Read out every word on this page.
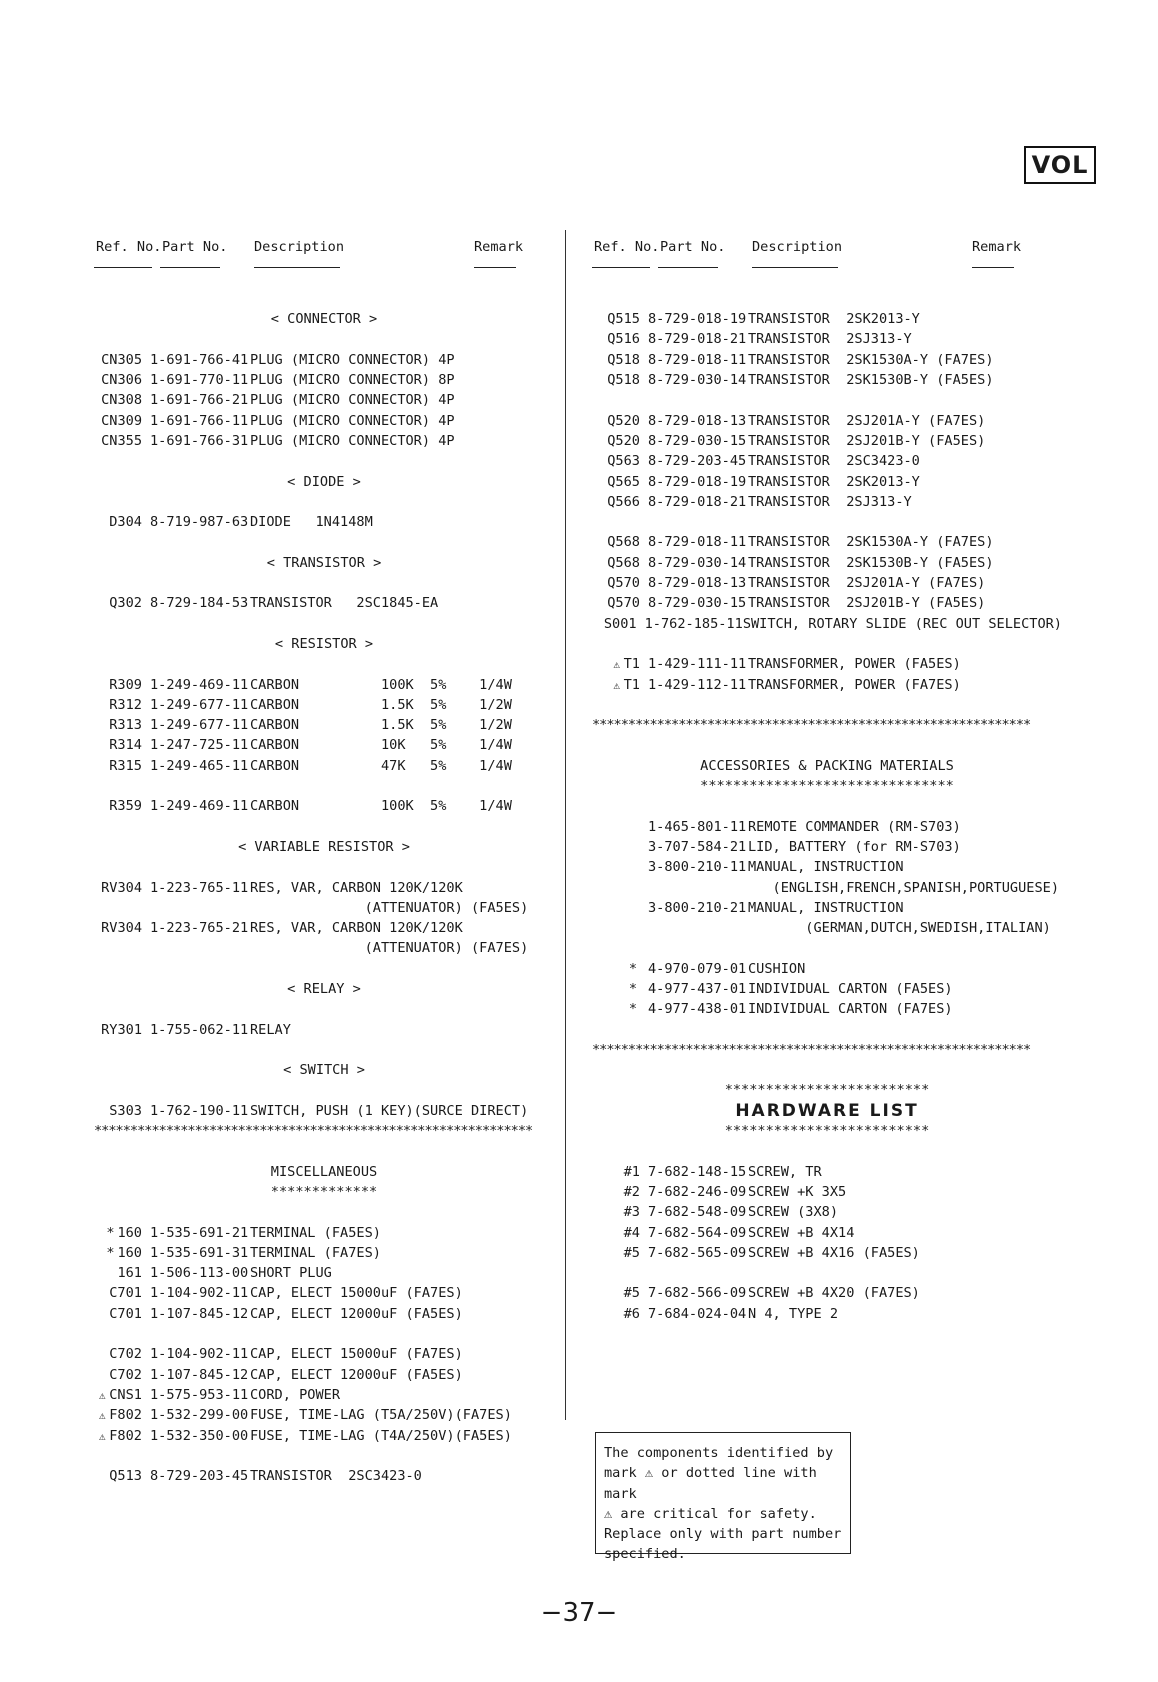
VOL

Ref. No.

Part No.

Description

	Remark

< CONNECTOR >
CN305 1-691-766-41 PLUG (MICRO CONNECTOR) 4P
CN306 1-691-770-11 PLUG (MICRO CONNECTOR) 8P
CN308 1-691-766-21 PLUG (MICRO CONNECTOR) 4P
CN309 1-691-766-11 PLUG (MICRO CONNECTOR) 4P
CN355 1-691-766-31 PLUG (MICRO CONNECTOR) 4P
< DIODE >
D304 8-719-987-63 DIODE   1N4148M
< TRANSISTOR >
Q302 8-729-184-53 TRANSISTOR   2SC1845-EA
< RESISTOR >
R309 1-249-469-11 CARBON          100K  5%    1/4W
R312 1-249-677-11 CARBON          1.5K  5%    1/2W
R313 1-249-677-11 CARBON          1.5K  5%    1/2W
R314 1-247-725-11 CARBON          10K   5%    1/4W
R315 1-249-465-11 CARBON          47K   5%    1/4W
R359 1-249-469-11 CARBON          100K  5%    1/4W
< VARIABLE RESISTOR >
RV304 1-223-765-11 RES, VAR, CARBON 120K/120K
(ATTENUATOR) (FA5ES)
RV304 1-223-765-21 RES, VAR, CARBON 120K/120K
(ATTENUATOR) (FA7ES)
< RELAY >
RY301 1-755-062-11 RELAY
< SWITCH >
S303 1-762-190-11 SWITCH, PUSH (1 KEY)(SURCE DIRECT)
*************************************************************
MISCELLANEOUS
*************
* 160 1-535-691-21 TERMINAL (FA5ES)
* 160 1-535-691-31 TERMINAL (FA7ES)
161 1-506-113-00 SHORT PLUG
C701 1-104-902-11 CAP, ELECT 15000uF (FA7ES)
C701 1-107-845-12 CAP, ELECT 12000uF (FA5ES)
C702 1-104-902-11 CAP, ELECT 15000uF (FA7ES)
C702 1-107-845-12 CAP, ELECT 12000uF (FA5ES)
⚠ CNS1 1-575-953-11 CORD, POWER
⚠ F802 1-532-299-00 FUSE, TIME-LAG (T5A/250V)(FA7ES)
⚠ F802 1-532-350-00 FUSE, TIME-LAG (T4A/250V)(FA5ES)
Q513 8-729-203-45 TRANSISTOR  2SC3423-0

Ref. No.

Part No.

Description

	Remark

Q515 8-729-018-19 TRANSISTOR  2SK2013-Y
Q516 8-729-018-21 TRANSISTOR  2SJ313-Y
Q518 8-729-018-11 TRANSISTOR  2SK1530A-Y (FA7ES)
Q518 8-729-030-14 TRANSISTOR  2SK1530B-Y (FA5ES)
Q520 8-729-018-13 TRANSISTOR  2SJ201A-Y (FA7ES)
Q520 8-729-030-15 TRANSISTOR  2SJ201B-Y (FA5ES)
Q563 8-729-203-45 TRANSISTOR  2SC3423-0
Q565 8-729-018-19 TRANSISTOR  2SK2013-Y
Q566 8-729-018-21 TRANSISTOR  2SJ313-Y
Q568 8-729-018-11 TRANSISTOR  2SK1530A-Y (FA7ES)
Q568 8-729-030-14 TRANSISTOR  2SK1530B-Y (FA5ES)
Q570 8-729-018-13 TRANSISTOR  2SJ201A-Y (FA7ES)
Q570 8-729-030-15 TRANSISTOR  2SJ201B-Y (FA5ES)
S001 1-762-185-11 SWITCH, ROTARY SLIDE (REC OUT SELECTOR)
⚠ T1 1-429-111-11 TRANSFORMER, POWER (FA5ES)
⚠ T1 1-429-112-11 TRANSFORMER, POWER (FA7ES)
*************************************************************
ACCESSORIES & PACKING MATERIALS
*******************************
1-465-801-11 REMOTE COMMANDER (RM-S703)
3-707-584-21 LID, BATTERY (for RM-S703)
3-800-210-11 MANUAL, INSTRUCTION
(ENGLISH,FRENCH,SPANISH,PORTUGUESE)
3-800-210-21 MANUAL, INSTRUCTION
(GERMAN,DUTCH,SWEDISH,ITALIAN)
* 4-970-079-01 CUSHION
* 4-977-437-01 INDIVIDUAL CARTON (FA5ES)
* 4-977-438-01 INDIVIDUAL CARTON (FA7ES)
*************************************************************
*************************
HARDWARE LIST
*************************
#1 7-682-148-15 SCREW, TR
#2 7-682-246-09 SCREW +K 3X5
#3 7-682-548-09 SCREW (3X8)
#4 7-682-564-09 SCREW +B 4X14
#5 7-682-565-09 SCREW +B 4X16 (FA5ES)
#5 7-682-566-09 SCREW +B 4X20 (FA7ES)
#6 7-684-024-04 N 4, TYPE 2

The components identified by
mark ⚠ or dotted line with mark
⚠ are critical for safety.
Replace only with part number
specified.
−37−
